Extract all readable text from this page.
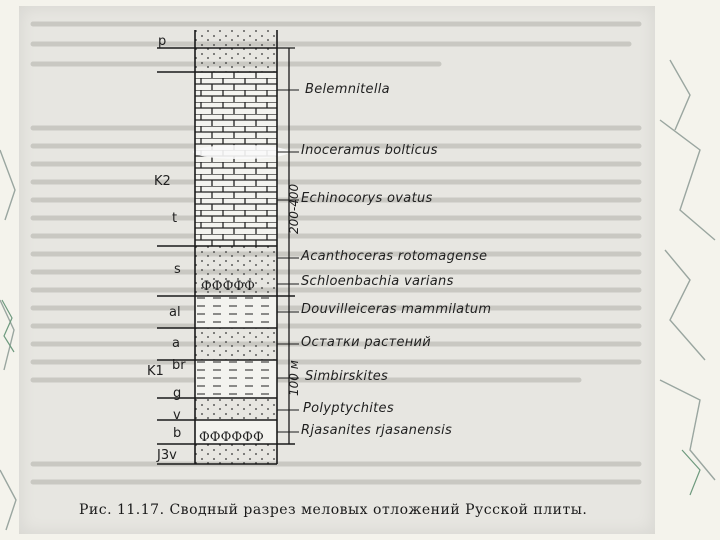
ФФФФФ
ФФФФФФ
p
K2
t
s
al
a
K1 br
g
v
b
J3v
200-400
100 м
Belemnitella
Inoceramus bolticus
Echinocorys ovatus
Acanthoceras rotomagense
Schloenbachia varians
Douvilleiceras mammilatum
Остатки растений
Simbirskites
Polyptychites
Rjasanites rjasanensis
Рис. 11.17. Сводный разрез меловых отложений Русской плиты.
